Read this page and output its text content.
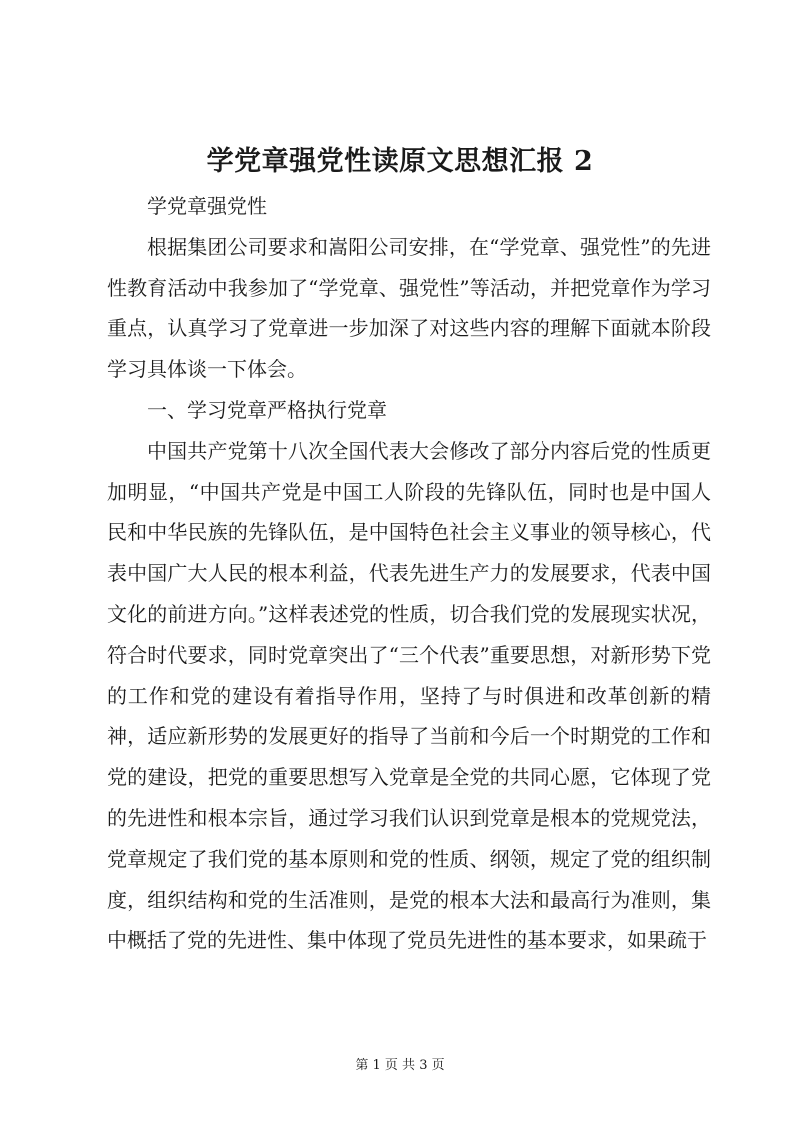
学党章强党性读原文思想汇报 2

学党章强党性

根据集团公司要求和嵩阳公司安排，在“学党章、强党性”的先进性教育活动中我参加了“学党章、强党性”等活动，并把党章作为学习重点，认真学习了党章进一步加深了对这些内容的理解下面就本阶段学习具体谈一下体会。

一、学习党章严格执行党章

中国共产党第十八次全国代表大会修改了部分内容后党的性质更加明显，“中国共产党是中国工人阶段的先锋队伍，同时也是中国人民和中华民族的先锋队伍，是中国特色社会主义事业的领导核心，代表中国广大人民的根本利益，代表先进生产力的发展要求，代表中国文化的前进方向。”这样表述党的性质，切合我们党的发展现实状况，符合时代要求，同时党章突出了“三个代表”重要思想，对新形势下党的工作和党的建设有着指导作用，坚持了与时俱进和改革创新的精神，适应新形势的发展更好的指导了当前和今后一个时期党的工作和党的建设，把党的重要思想写入党章是全党的共同心愿，它体现了党的先进性和根本宗旨，通过学习我们认识到党章是根本的党规党法，党章规定了我们党的基本原则和党的性质、纲领，规定了党的组织制度，组织结构和党的生活准则，是党的根本大法和最高行为准则，集中概括了党的先进性、集中体现了党员先进性的基本要求，如果疏于

第 1 页 共 3 页
